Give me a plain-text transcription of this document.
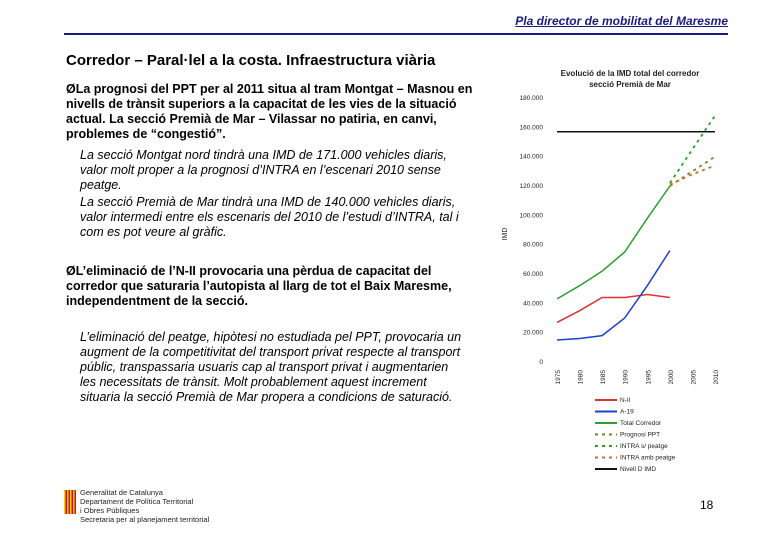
Pla director de mobilitat del Maresme
Corredor – Paral·lel a la costa. Infraestructura viària
ØLa prognosi del PPT per al 2011 situa al tram Montgat – Masnou en nivells de trànsit superiors a la capacitat de les vies de la situació actual. La secció Premià de Mar – Vilassar no patiria, en canvi, problemes de “congestió”.
La secció Montgat nord tindrà una IMD de 171.000 vehicles diaris, valor molt proper a la prognosi d’INTRA en l’escenari 2010 sense peatge.
La secció Premià de Mar tindrà una IMD de 140.000 vehicles diaris, valor intermedi entre els escenaris del 2010 de l’estudi d’INTRA, tal i com es pot veure al gràfic.
ØL’eliminació de l’N-II provocaria una pèrdua de capacitat del corredor que saturaria l’autopista al llarg de tot el Baix Maresme, independentment de la secció.
L’eliminació del peatge, hipòtesi no estudiada pel PPT, provocaria un augment de la competitivitat del transport privat respecte al transport públic, transpassaria usuaris cap al transport privat i augmentarien les necessitats de trànsit. Molt probablement aquest increment situaria la secció Premià de Mar propera a condicions de saturació.
Generalitat de Catalunya
Departament de Política Territorial
i Obres Públiques
Secretaria per al planejament territorial
18
Evolució de la IMD total del corredor
secció Premià de Mar
IMD
0
20.000
40.000
60.000
80.000
100.000
120.000
140.000
160.000
180.000
1975 1980 1985 1990 1995 2000 2005 2010
N-II
A-19
Total Corredor
Prognosi PPT
INTRA s/ peatge
INTRA amb peatge
Nivell D IMD
